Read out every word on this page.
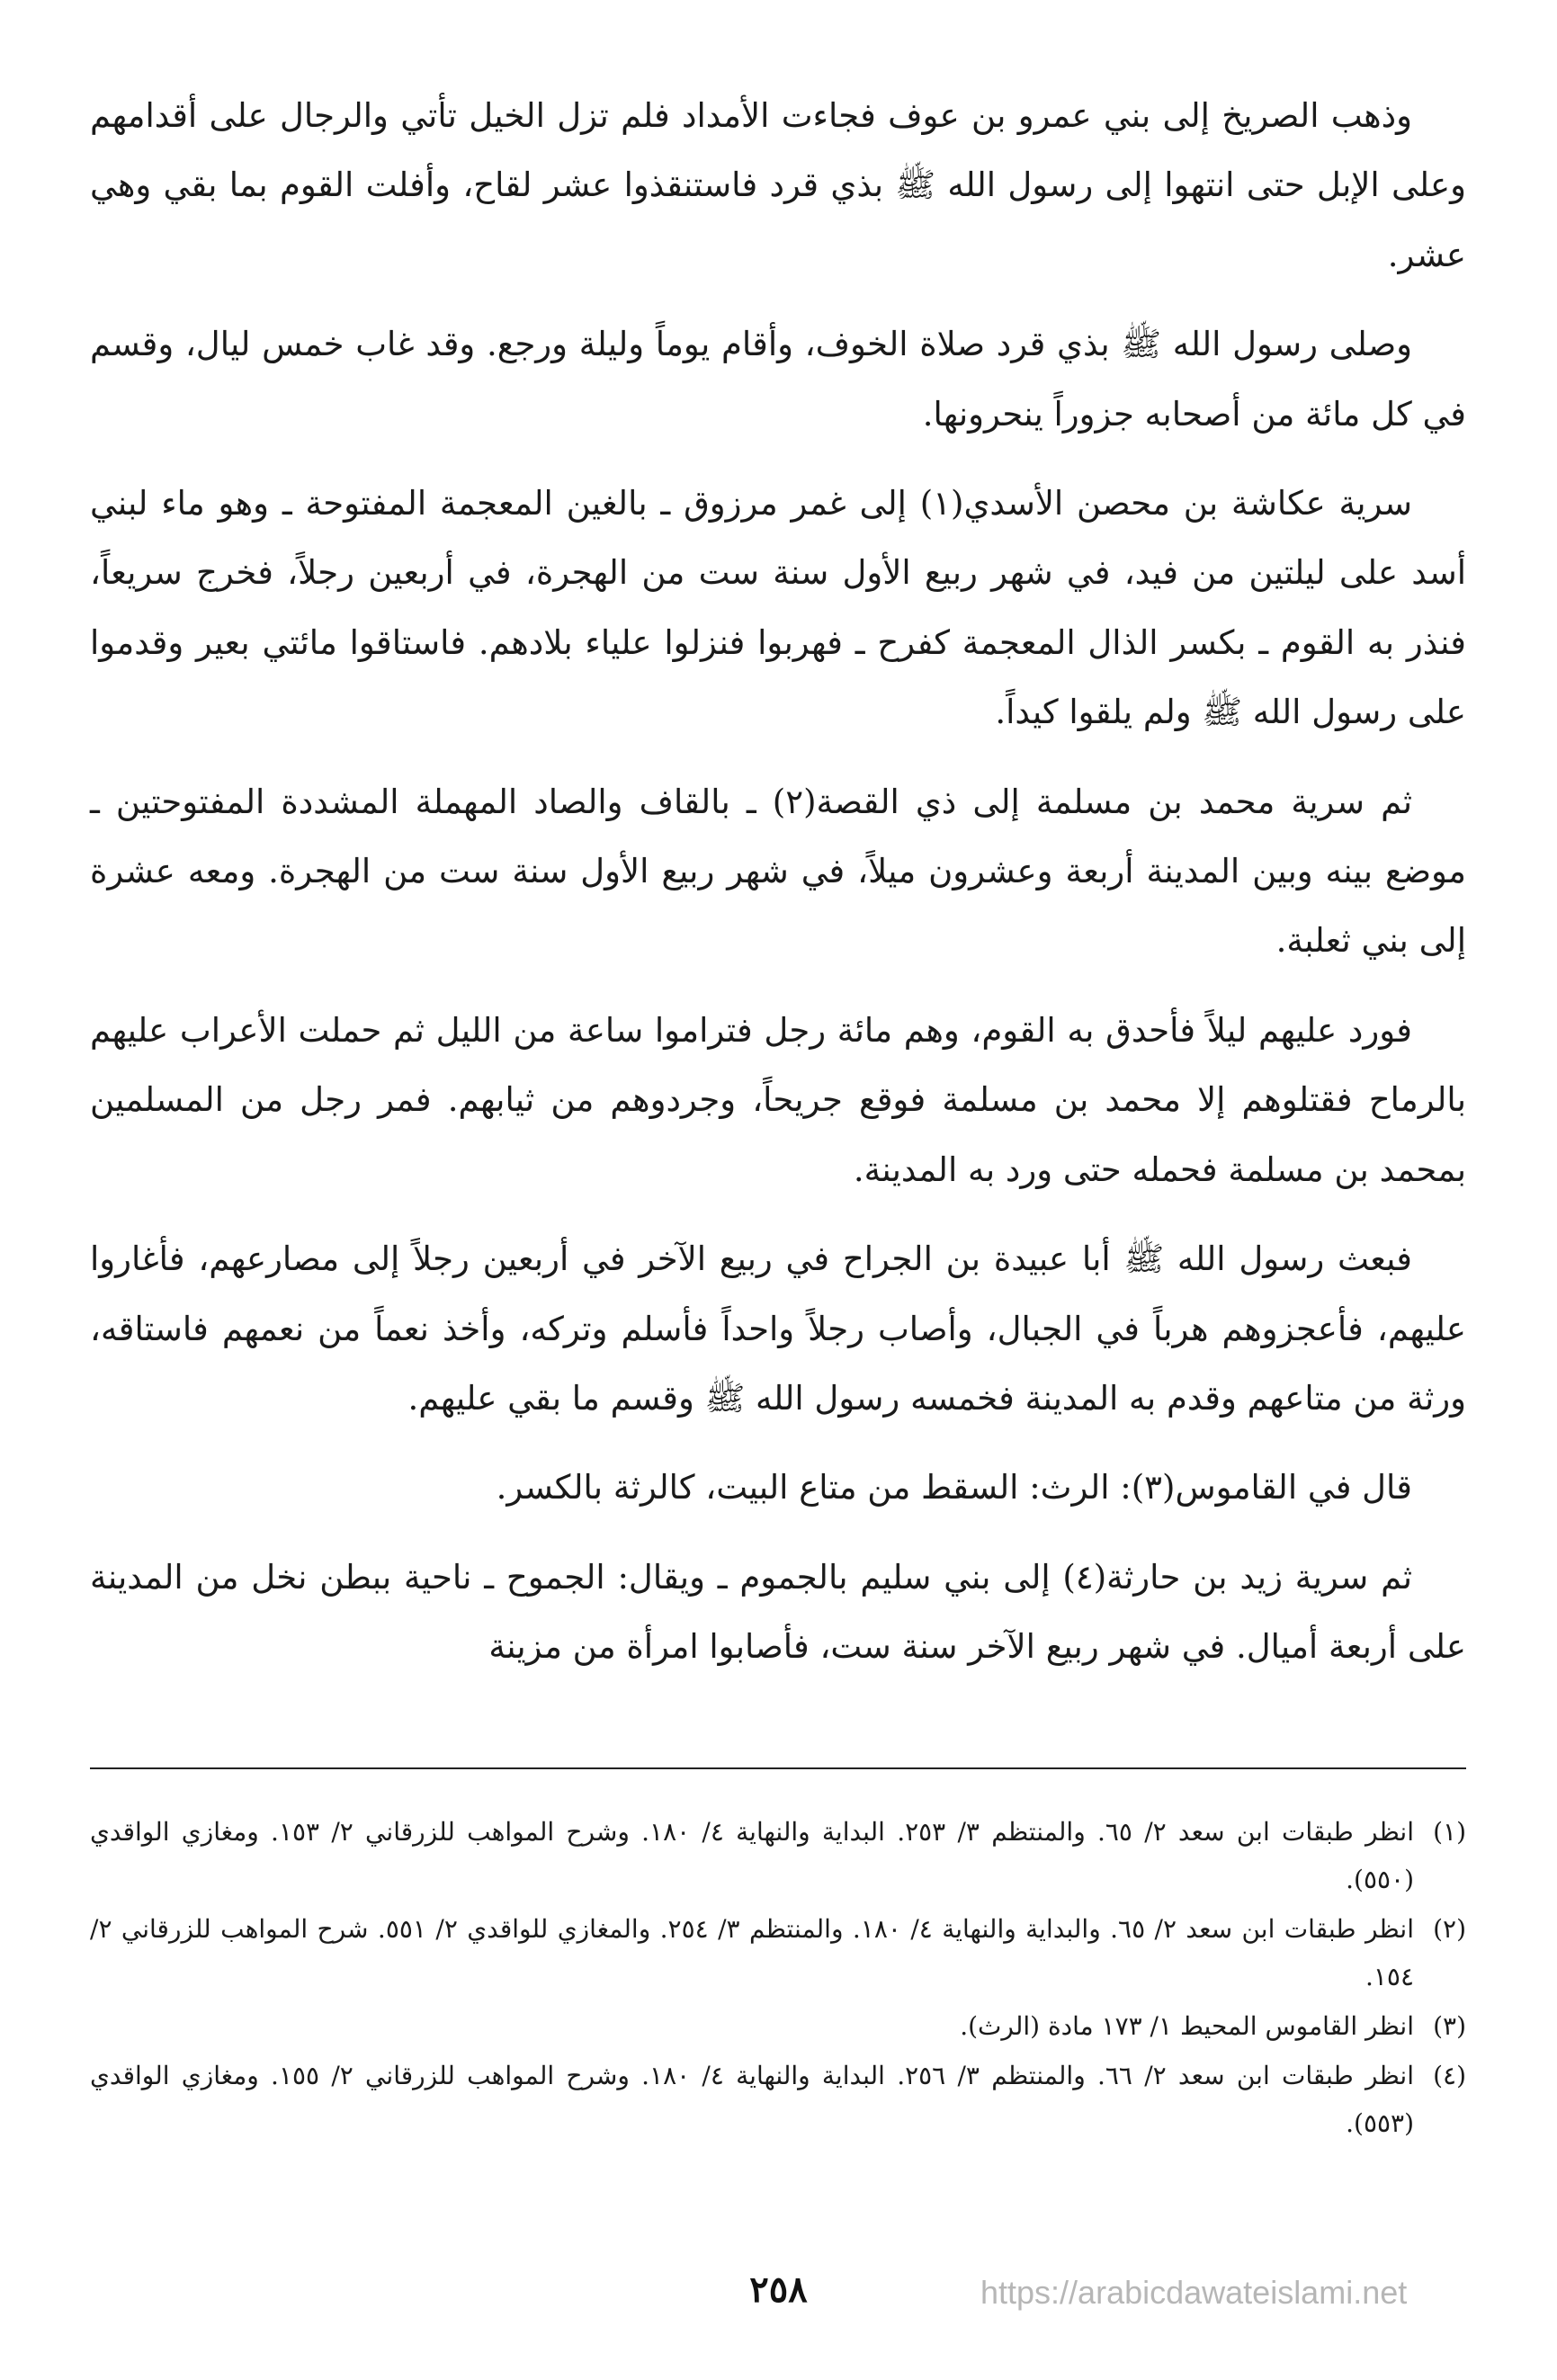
وذهب الصريخ إلى بني عمرو بن عوف فجاءت الأمداد فلم تزل الخيل تأتي والرجال على أقدامهم وعلى الإبل حتى انتهوا إلى رسول الله ﷺ بذي قرد فاستنقذوا عشر لقاح، وأفلت القوم بما بقي وهي عشر.

وصلى رسول الله ﷺ بذي قرد صلاة الخوف، وأقام يوماً وليلة ورجع. وقد غاب خمس ليال، وقسم في كل مائة من أصحابه جزوراً ينحرونها.

سرية عكاشة بن محصن الأسدي(١) إلى غمر مرزوق ـ بالغين المعجمة المفتوحة ـ وهو ماء لبني أسد على ليلتين من فيد، في شهر ربيع الأول سنة ست من الهجرة، في أربعين رجلاً، فخرج سريعاً، فنذر به القوم ـ بكسر الذال المعجمة كفرح ـ فهربوا فنزلوا علياء بلادهم. فاستاقوا مائتي بعير وقدموا على رسول الله ﷺ ولم يلقوا كيداً.

ثم سرية محمد بن مسلمة إلى ذي القصة(٢) ـ بالقاف والصاد المهملة المشددة المفتوحتين ـ موضع بينه وبين المدينة أربعة وعشرون ميلاً، في شهر ربيع الأول سنة ست من الهجرة. ومعه عشرة إلى بني ثعلبة.

فورد عليهم ليلاً فأحدق به القوم، وهم مائة رجل فتراموا ساعة من الليل ثم حملت الأعراب عليهم بالرماح فقتلوهم إلا محمد بن مسلمة فوقع جريحاً، وجردوهم من ثيابهم. فمر رجل من المسلمين بمحمد بن مسلمة فحمله حتى ورد به المدينة.

فبعث رسول الله ﷺ أبا عبيدة بن الجراح في ربيع الآخر في أربعين رجلاً إلى مصارعهم، فأغاروا عليهم، فأعجزوهم هرباً في الجبال، وأصاب رجلاً واحداً فأسلم وتركه، وأخذ نعماً من نعمهم فاستاقه، ورثة من متاعهم وقدم به المدينة فخمسه رسول الله ﷺ وقسم ما بقي عليهم.

قال في القاموس(٣): الرث: السقط من متاع البيت، كالرثة بالكسر.

ثم سرية زيد بن حارثة(٤) إلى بني سليم بالجموم ـ ويقال: الجموح ـ ناحية ببطن نخل من المدينة على أربعة أميال. في شهر ربيع الآخر سنة ست، فأصابوا امرأة من مزينة

(١)
انظر طبقات ابن سعد ٢/ ٦٥. والمنتظم ٣/ ٢٥٣. البداية والنهاية ٤/ ١٨٠. وشرح المواهب للزرقاني ٢/ ١٥٣. ومغازي الواقدي (٥٥٠).
(٢)
انظر طبقات ابن سعد ٢/ ٦٥. والبداية والنهاية ٤/ ١٨٠. والمنتظم ٣/ ٢٥٤. والمغازي للواقدي ٢/ ٥٥١. شرح المواهب للزرقاني ٢/ ١٥٤.
(٣)
انظر القاموس المحيط ١/ ١٧٣ مادة (الرث).
(٤)
انظر طبقات ابن سعد ٢/ ٦٦. والمنتظم ٣/ ٢٥٦. البداية والنهاية ٤/ ١٨٠. وشرح المواهب للزرقاني ٢/ ١٥٥. ومغازي الواقدي (٥٥٣).
٢٥٨	https://arabicdawateislami.net
